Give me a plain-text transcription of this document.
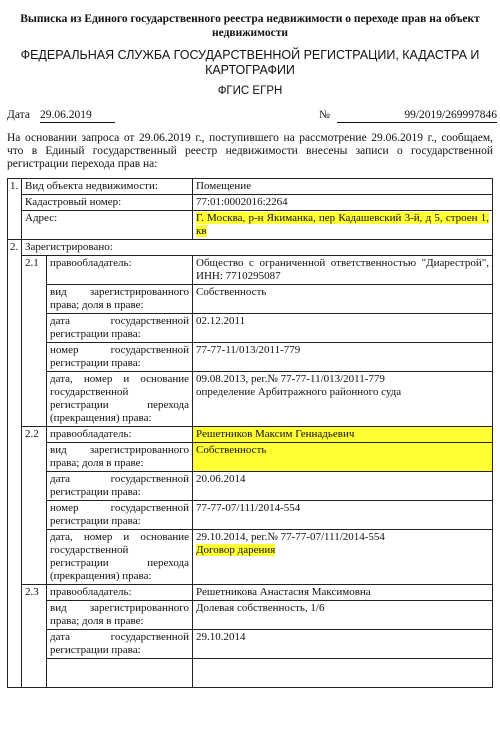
Выписка из Единого государственного реестра недвижимости о переходе прав на объект недвижимости
ФЕДЕРАЛЬНАЯ СЛУЖБА ГОСУДАРСТВЕННОЙ РЕГИСТРАЦИИ, КАДАСТРА И КАРТОГРАФИИ
ФГИС ЕГРН
Дата 29.06.2019	№	99/2019/269997846
На основании запроса от 29.06.2019 г., поступившего на рассмотрение 29.06.2019 г., сообщаем, что в Единый государственный реестр недвижимости внесены записи о государственной регистрации перехода прав на:
1.	Вид объекта недвижимости:		Помещение
	Кадастровый номер:		77:01:0002016:2264
	Адрес:		Г. Москва, р-н Якиманка, пер Кадашевский 3-й, д 5, строен 1, кв
2.	Зарегистрировано:		
	2.1	правообладатель:	Общество с ограниченной ответственностью "Диарестрой", ИНН: 7710295087
		вид зарегистрированного права; доля в праве:	Собственность
		дата государственной регистрации права:	02.12.2011
		номер государственной регистрации права:	77-77-11/013/2011-779
		дата, номер и основание государственной регистрации перехода (прекращения) права:	09.08.2013, рег.№ 77-77-11/013/2011-779
определение Арбитражного районного суда

	2.2	правообладатель:	Решетников Максим Геннадьевич
		вид зарегистрированного права; доля в праве:	Собственность
		дата государственной регистрации права:	20.06.2014
		номер государственной регистрации права:	77-77-07/111/2014-554
		дата, номер и основание государственной регистрации перехода (прекращения) права:	29.10.2014, рег.№ 77-77-07/111/2014-554
Договор дарения

	2.3	правообладатель:	Решетникова Анастасия Максимовна
		вид зарегистрированного права; доля в праве:	Долевая собственность, 1/6
		дата государственной регистрации права:	29.10.2014
